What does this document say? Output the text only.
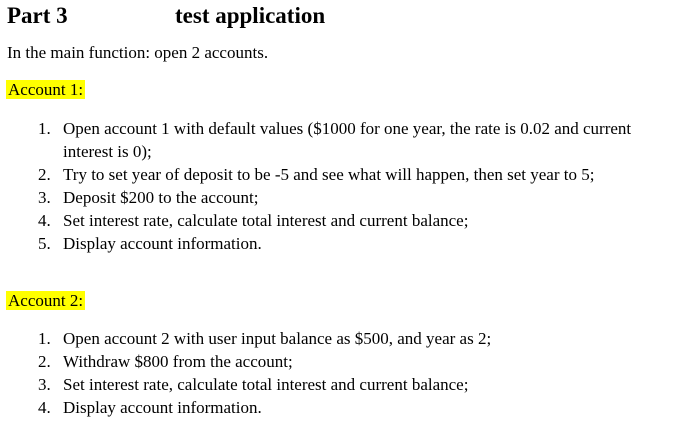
Part 3	test application
In the main function: open 2 accounts.
Account 1:
1. Open account 1 with default values ($1000 for one year, the rate is 0.02 and current
interest is 0);
2. Try to set year of deposit to be -5 and see what will happen, then set year to 5;
3. Deposit $200 to the account;
4. Set interest rate, calculate total interest and current balance;
5. Display account information.
Account 2:
1. Open account 2 with user input balance as $500, and year as 2;
2. Withdraw $800 from the account;
3. Set interest rate, calculate total interest and current balance;
4. Display account information.
